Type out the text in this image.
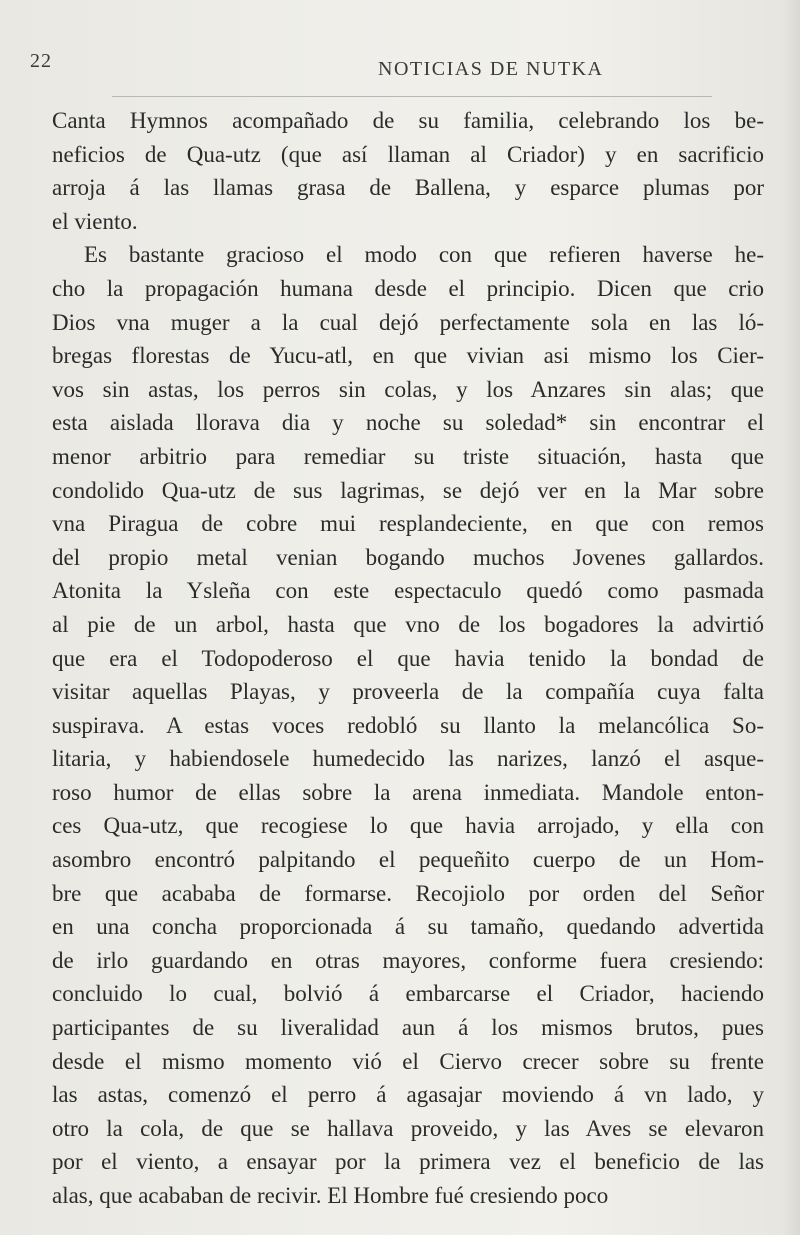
22	NOTICIAS DE NUTKA
Canta Hymnos acompañado de su familia, celebrando los be-
neficios de Qua-utz (que así llaman al Criador) y en sacrificio
arroja á las llamas grasa de Ballena, y esparce plumas por
el viento.
Es bastante gracioso el modo con que refieren haverse he-
cho la propagación humana desde el principio. Dicen que crio
Dios vna muger a la cual dejó perfectamente sola en las ló-
bregas florestas de Yucu-atl, en que vivian asi mismo los Cier-
vos sin astas, los perros sin colas, y los Anzares sin alas; que
esta aislada llorava dia y noche su soledad* sin encontrar el
menor arbitrio para remediar su triste situación, hasta que
condolido Qua-utz de sus lagrimas, se dejó ver en la Mar sobre
vna Piragua de cobre mui resplandeciente, en que con remos
del propio metal venian bogando muchos Jovenes gallardos.
Atonita la Ysleña con este espectaculo quedó como pasmada
al pie de un arbol, hasta que vno de los bogadores la advirtió
que era el Todopoderoso el que havia tenido la bondad de
visitar aquellas Playas, y proveerla de la compañía cuya falta
suspirava. A estas voces redobló su llanto la melancólica So-
litaria, y habiendosele humedecido las narizes, lanzó el asque-
roso humor de ellas sobre la arena inmediata. Mandole enton-
ces Qua-utz, que recogiese lo que havia arrojado, y ella con
asombro encontró palpitando el pequeñito cuerpo de un Hom-
bre que acababa de formarse. Recojiolo por orden del Señor
en una concha proporcionada á su tamaño, quedando advertida
de irlo guardando en otras mayores, conforme fuera cresiendo:
concluido lo cual, bolvió á embarcarse el Criador, haciendo
participantes de su liveralidad aun á los mismos brutos, pues
desde el mismo momento vió el Ciervo crecer sobre su frente
las astas, comenzó el perro á agasajar moviendo á vn lado, y
otro la cola, de que se hallava proveido, y las Aves se elevaron
por el viento, a ensayar por la primera vez el beneficio de las
alas, que acababan de recivir. El Hombre fué cresiendo poco
